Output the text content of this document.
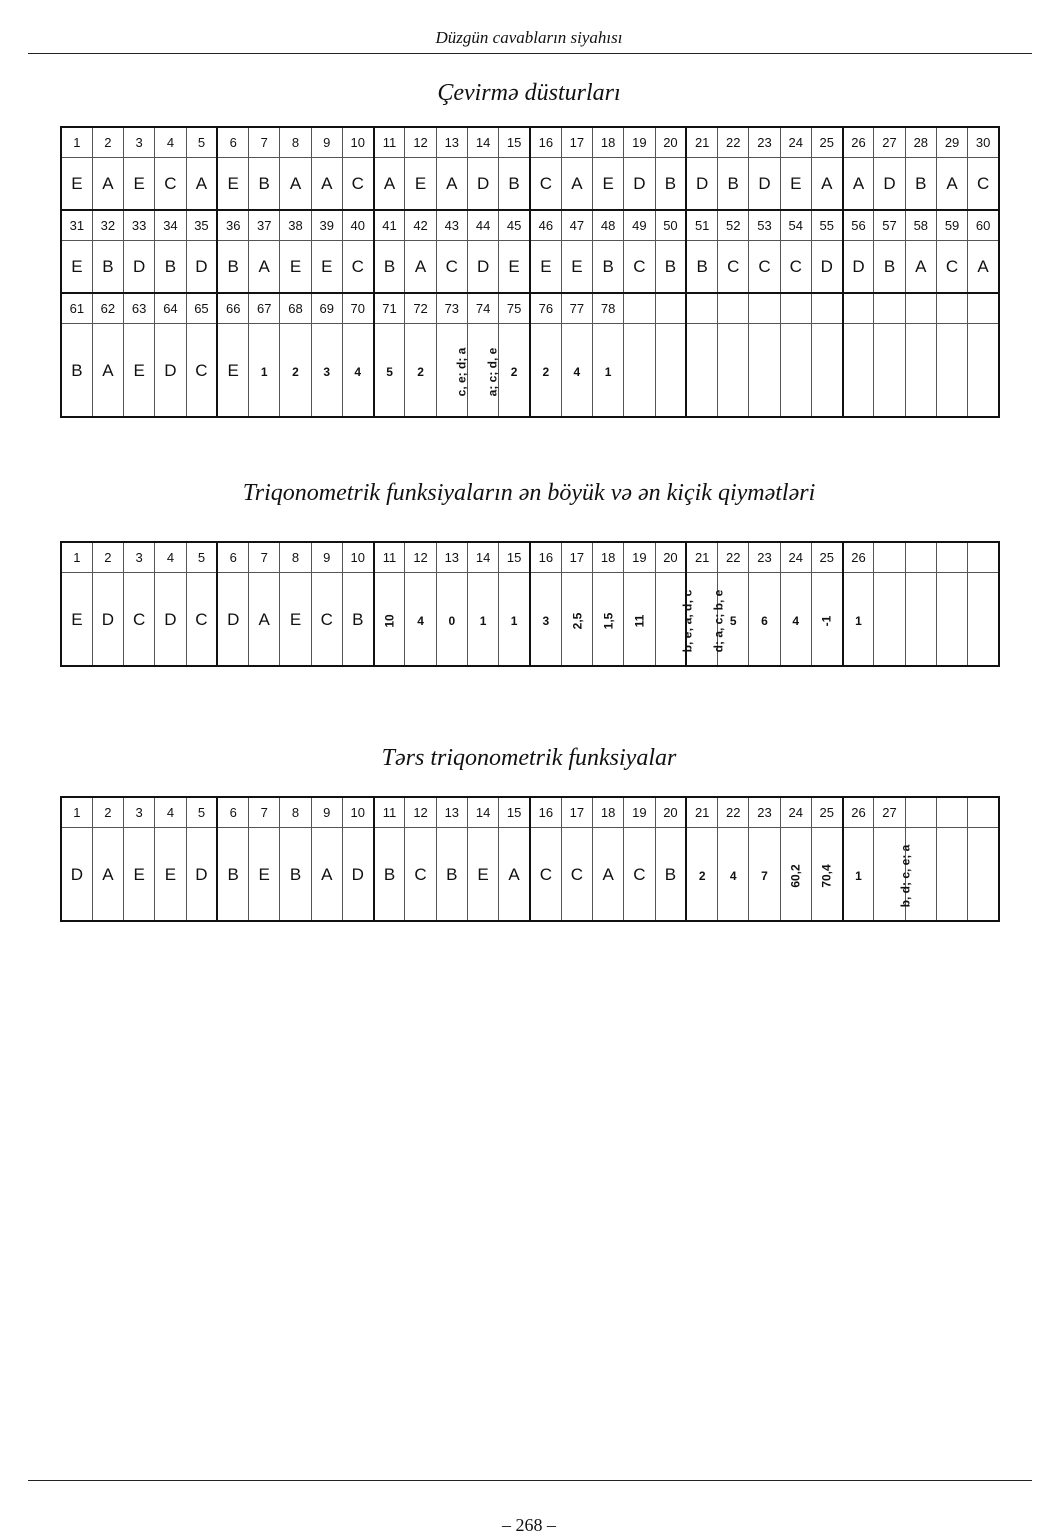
Düzgün cavabların siyahısı
Çevirmə düsturları
1	2	3	4	5	6	7	8	9	10	11	12	13	14	15	16	17	18	19	20	21	22	23	24	25	26	27	28	29	30
E	A	E	C	A	E	B	A	A	C	A	E	A	D	B	C	A	E	D	B	D	B	D	E	A	A	D	B	A	C
31	32	33	34	35	36	37	38	39	40	41	42	43	44	45	46	47	48	49	50	51	52	53	54	55	56	57	58	59	60
E	B	D	B	D	B	A	E	E	C	B	A	C	D	E	E	E	B	C	B	B	C	C	C	D	D	B	A	C	A
61	62	63	64	65	66	67	68	69	70	71	72	73	74	75	76	77	78												
B	A	E	D	C	E	1	2	3	4	5	2	c, e; d; a	a; c; d, e	2	2	4	1												
Triqonometrik funksiyaların ən böyük və ən kiçik qiymətləri
1	2	3	4	5	6	7	8	9	10	11	12	13	14	15	16	17	18	19	20	21	22	23	24	25	26				
E	D	C	D	C	D	A	E	C	B	10	4	0	1	1	3	2,5	1,5	11	b, e; a, d; c	d; a, c; b, e	5	6	4	-1	1				
Tərs triqonometrik funksiyalar
1	2	3	4	5	6	7	8	9	10	11	12	13	14	15	16	17	18	19	20	21	22	23	24	25	26	27			
D	A	E	E	D	B	E	B	A	D	B	C	B	E	A	C	C	A	C	B	2	4	7	60,2	70,4	1	b, d; c, e; a			
– 268 –
